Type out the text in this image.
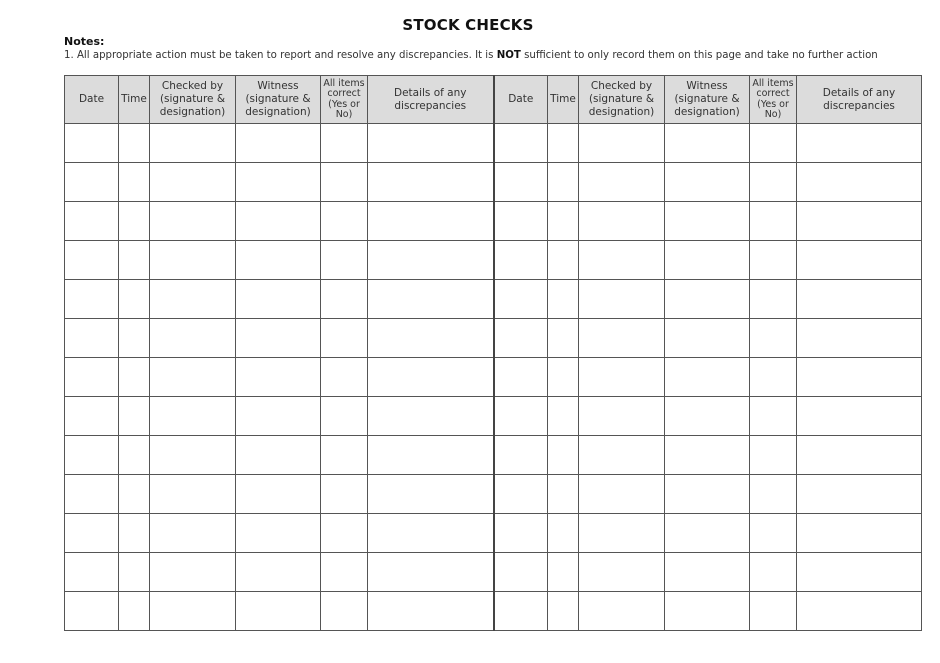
STOCK CHECKS
Notes:
1. All appropriate action must be taken to report and resolve any discrepancies. It is NOT sufficient to only record them on this page and take no further action
Date	Time	Checked by (signature & designation)	Witness (signature & designation)	All items correct (Yes or No)	Details of any discrepancies	Date	Time	Checked by (signature & designation)	Witness (signature & designation)	All items correct (Yes or No)	Details of any discrepancies
